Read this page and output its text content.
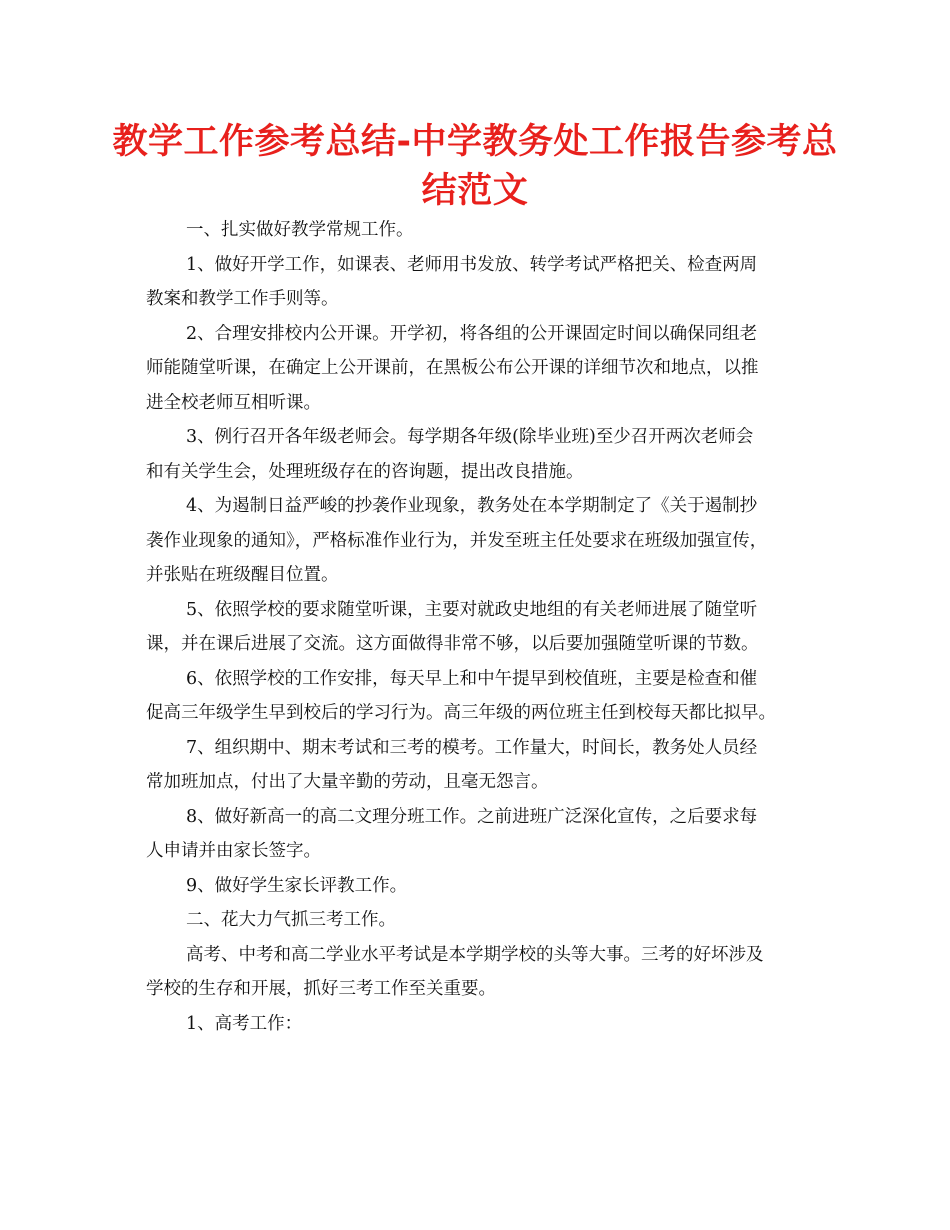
教学工作参考总结-中学教务处工作报告参考总
结范文
一、扎实做好教学常规工作。
1、做好开学工作，如课表、老师用书发放、转学考试严格把关、检查两周
教案和教学工作手则等。
2、合理安排校内公开课。开学初，将各组的公开课固定时间以确保同组老
师能随堂听课，在确定上公开课前，在黑板公布公开课的详细节次和地点，以推
进全校老师互相听课。
3、例行召开各年级老师会。每学期各年级(除毕业班)至少召开两次老师会
和有关学生会，处理班级存在的咨询题，提出改良措施。
4、为遏制日益严峻的抄袭作业现象，教务处在本学期制定了《关于遏制抄
袭作业现象的通知》，严格标准作业行为，并发至班主任处要求在班级加强宣传，
并张贴在班级醒目位置。
5、依照学校的要求随堂听课，主要对就政史地组的有关老师进展了随堂听
课，并在课后进展了交流。这方面做得非常不够，以后要加强随堂听课的节数。
6、依照学校的工作安排，每天早上和中午提早到校值班，主要是检查和催
促高三年级学生早到校后的学习行为。高三年级的两位班主任到校每天都比拟早。
7、组织期中、期末考试和三考的模考。工作量大，时间长，教务处人员经
常加班加点，付出了大量辛勤的劳动，且毫无怨言。
8、做好新高一的高二文理分班工作。之前进班广泛深化宣传，之后要求每
人申请并由家长签字。
9、做好学生家长评教工作。
二、花大力气抓三考工作。
高考、中考和高二学业水平考试是本学期学校的头等大事。三考的好坏涉及
学校的生存和开展，抓好三考工作至关重要。
1、高考工作：
